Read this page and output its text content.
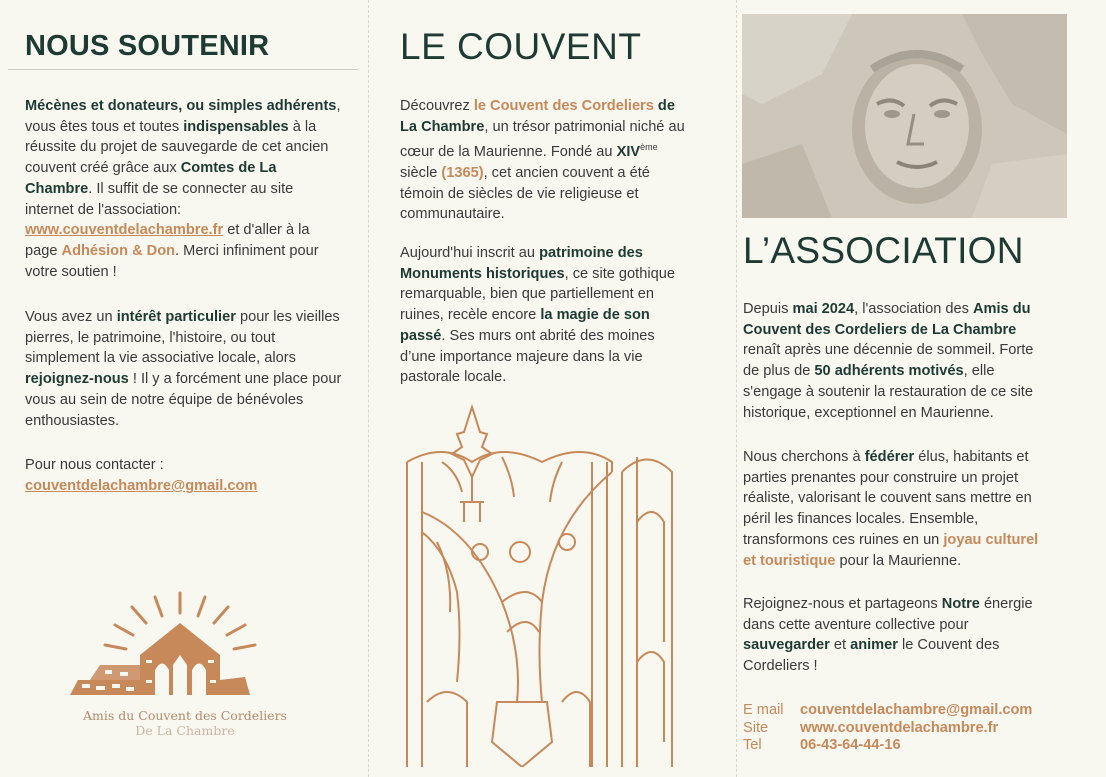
NOUS SOUTENIR

Mécènes et donateurs, ou simples adhérents, vous êtes tous et toutes indispensables à la réussite du projet de sauvegarde de cet ancien couvent créé grâce aux Comtes de La Chambre. Il suffit de se connecter au site internet de l'association: www.couventdelachambre.fr et d'aller à la page Adhésion & Don. Merci infiniment pour votre soutien !

Vous avez un intérêt particulier pour les vieilles pierres, le patrimoine, l'histoire, ou tout simplement la vie associative locale, alors rejoignez-nous ! Il y a forcément une place pour vous au sein de notre équipe de bénévoles enthousiastes.

Pour nous contacter :

couventdelachambre@gmail.com

Amis du Couvent des Cordeliers
De La Chambre
LE COUVENT

Découvrez le Couvent des Cordeliers de La Chambre, un trésor patrimonial niché au cœur de la Maurienne. Fondé au XIVème siècle (1365), cet ancien couvent a été témoin de siècles de vie religieuse et communautaire.

Aujourd'hui inscrit au patrimoine des Monuments historiques, ce site gothique remarquable, bien que partiellement en ruines, recèle encore la magie de son passé. Ses murs ont abrité des moines d’une importance majeure dans la vie pastorale locale.

L’ASSOCIATION

Depuis mai 2024, l'association des Amis du Couvent des Cordeliers de La Chambre renaît après une décennie de sommeil. Forte de plus de 50 adhérents motivés, elle s'engage à soutenir la restauration de ce site historique, exceptionnel en Maurienne.

Nous cherchons à fédérer élus, habitants et parties prenantes pour construire un projet réaliste, valorisant le couvent sans mettre en péril les finances locales. Ensemble, transformons ces ruines en un joyau culturel et touristique pour la Maurienne.

Rejoignez-nous et partageons Notre énergie dans cette aventure collective pour sauvegarder et animer le Couvent des Cordeliers !

E mail	couventdelachambre@gmail.com
Site	www.couventdelachambre.fr
Tel	06-43-64-44-16
